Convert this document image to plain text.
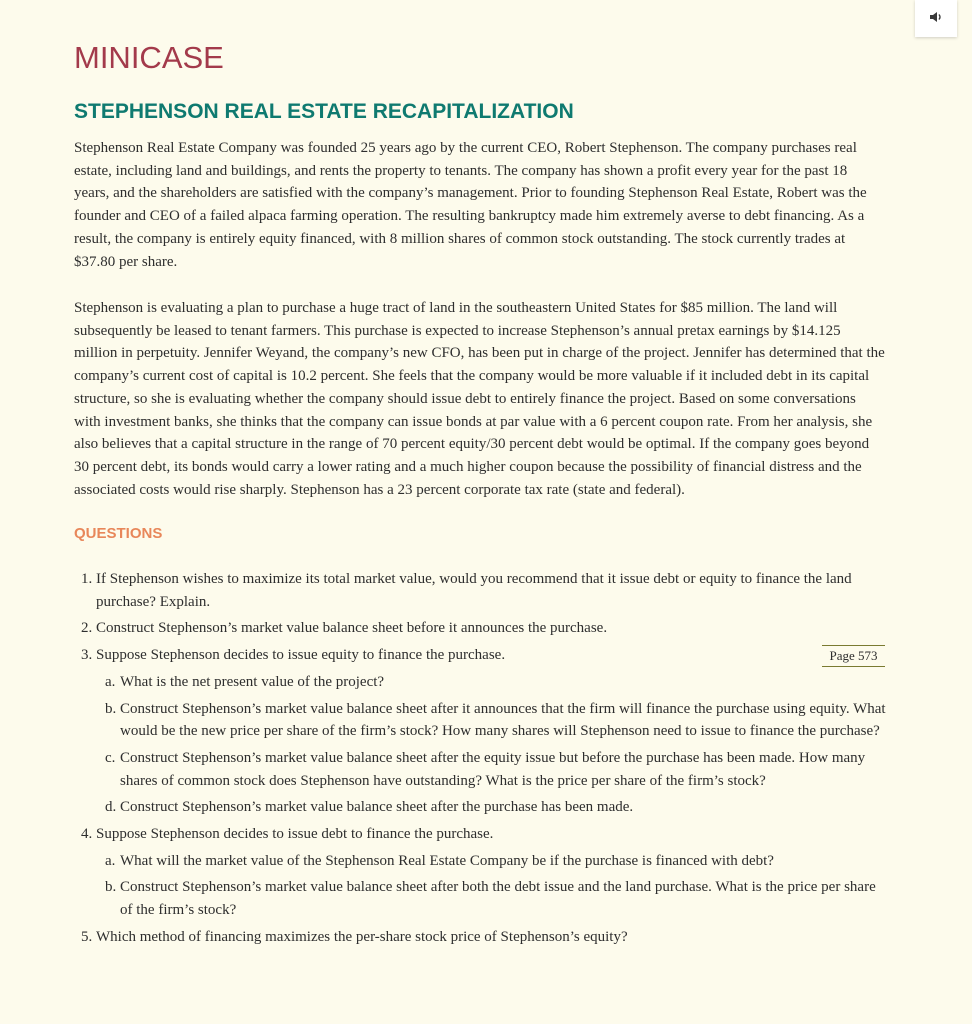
MINICASE
STEPHENSON REAL ESTATE RECAPITALIZATION

Stephenson Real Estate Company was founded 25 years ago by the current CEO, Robert Stephenson. The company purchases real estate, including land and buildings, and rents the property to tenants. The company has shown a profit every year for the past 18 years, and the shareholders are satisfied with the company’s management. Prior to founding Stephenson Real Estate, Robert was the founder and CEO of a failed alpaca farming operation. The resulting bankruptcy made him extremely averse to debt financing. As a result, the company is entirely equity financed, with 8 million shares of common stock outstanding. The stock currently trades at $37.80 per share.

Stephenson is evaluating a plan to purchase a huge tract of land in the southeastern United States for $85 million. The land will subsequently be leased to tenant farmers. This purchase is expected to increase Stephenson’s annual pretax earnings by $14.125 million in perpetuity. Jennifer Weyand, the company’s new CFO, has been put in charge of the project. Jennifer has determined that the company’s current cost of capital is 10.2 percent. She feels that the company would be more valuable if it included debt in its capital structure, so she is evaluating whether the company should issue debt to entirely finance the project. Based on some conversations with investment banks, she thinks that the company can issue bonds at par value with a 6 percent coupon rate. From her analysis, she also believes that a capital structure in the range of 70 percent equity/30 percent debt would be optimal. If the company goes beyond 30 percent debt, its bonds would carry a lower rating and a much higher coupon because the possibility of financial distress and the associated costs would rise sharply. Stephenson has a 23 percent corporate tax rate (state and federal).

QUESTIONS
Page 573
1. If Stephenson wishes to maximize its total market value, would you recommend that it issue debt or equity to finance the land purchase? Explain.
2. Construct Stephenson’s market value balance sheet before it announces the purchase.
3. Suppose Stephenson decides to issue equity to finance the purchase.
a. What is the net present value of the project?
b. Construct Stephenson’s market value balance sheet after it announces that the firm will finance the purchase using equity. What would be the new price per share of the firm’s stock? How many shares will Stephenson need to issue to finance the purchase?
c. Construct Stephenson’s market value balance sheet after the equity issue but before the purchase has been made. How many shares of common stock does Stephenson have outstanding? What is the price per share of the firm’s stock?
d. Construct Stephenson’s market value balance sheet after the purchase has been made.
4. Suppose Stephenson decides to issue debt to finance the purchase.
a. What will the market value of the Stephenson Real Estate Company be if the purchase is financed with debt?
b. Construct Stephenson’s market value balance sheet after both the debt issue and the land purchase. What is the price per share of the firm’s stock?
5. Which method of financing maximizes the per-share stock price of Stephenson’s equity?
